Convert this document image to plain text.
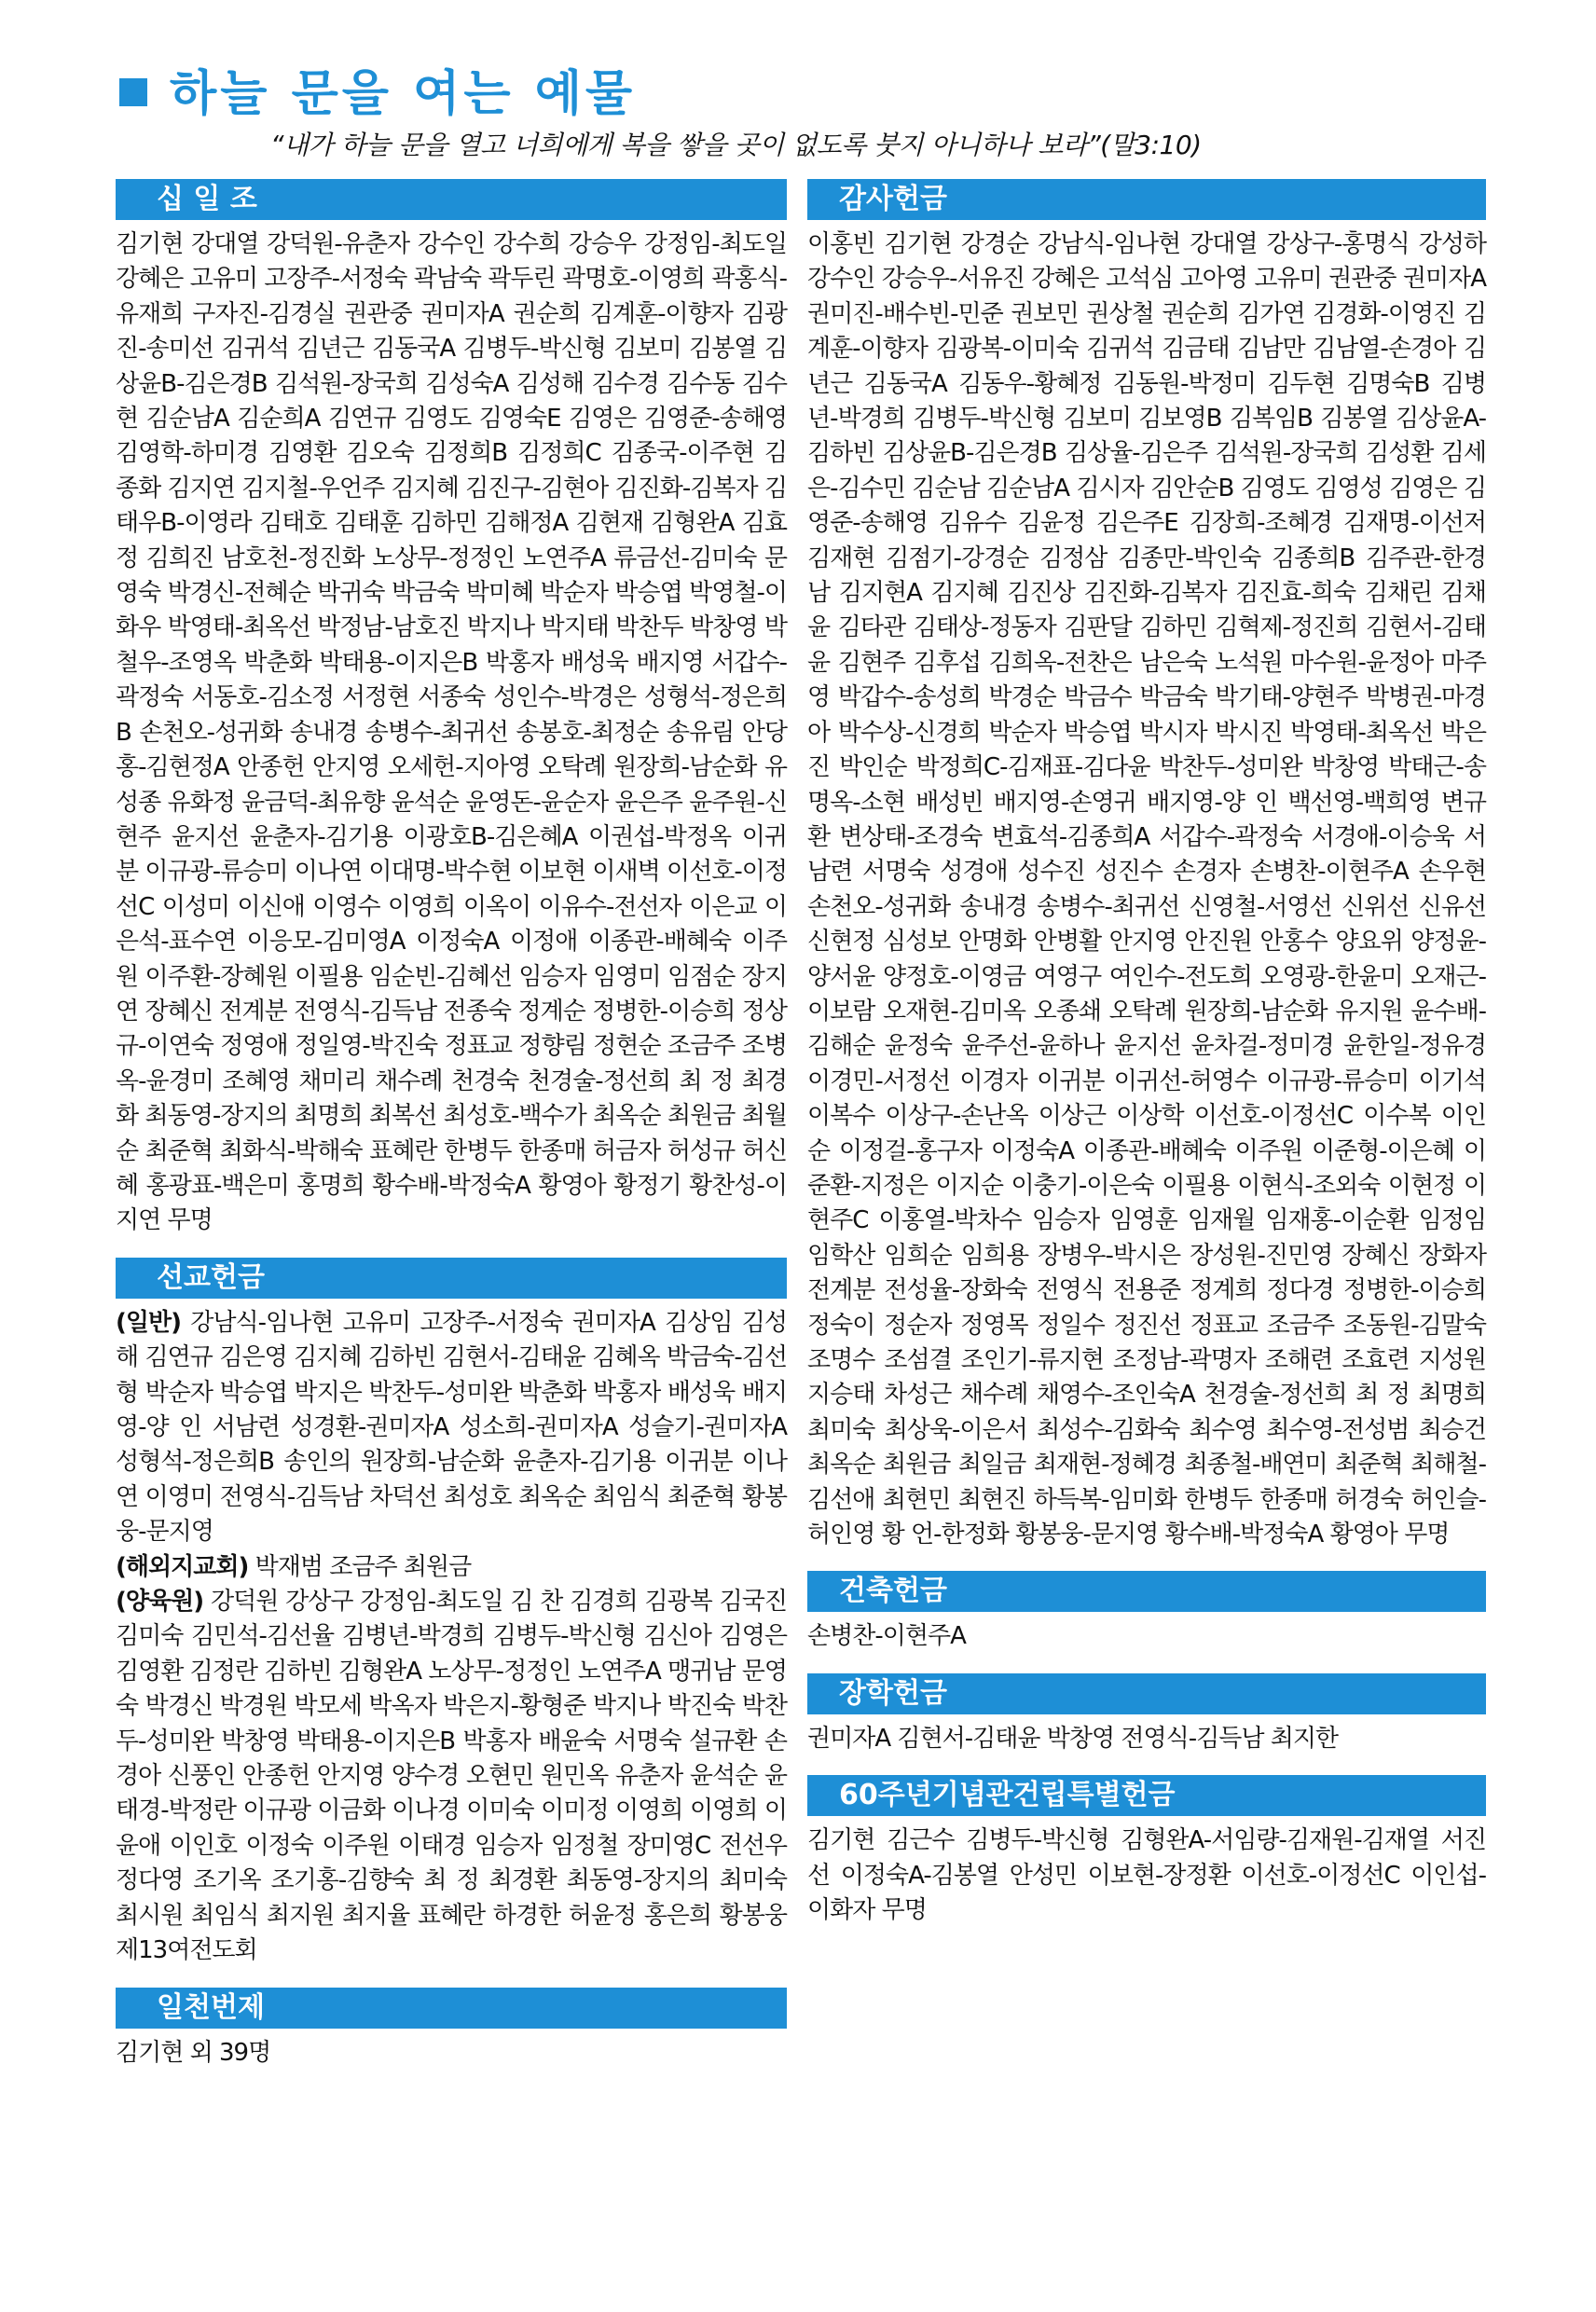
하늘 문을 여는 예물
“내가 하늘 문을 열고 너희에게 복을 쌓을 곳이 없도록 붓지 아니하나 보라”(말3:10)
십 일 조

김기현 강대열 강덕원-유춘자 강수인 강수희 강승우 강정임-최도일 강혜은 고유미 고장주-서정숙 곽남숙 곽두린 곽명호-이영희 곽홍식-유재희 구자진-김경실 권관중 권미자A 권순희 김계훈-이향자 김광진-송미선 김귀석 김년근 김동국A 김병두-박신형 김보미 김봉열 김상윤B-김은경B 김석원-장국희 김성숙A 김성해 김수경 김수동 김수현 김순남A 김순희A 김연규 김영도 김영숙E 김영은 김영준-송해영 김영학-하미경 김영환 김오숙 김정희B 김정희C 김종국-이주현 김종화 김지연 김지철-우언주 김지혜 김진구-김현아 김진화-김복자 김태우B-이영라 김태호 김태훈 김하민 김해정A 김현재 김형완A 김효정 김희진 남호천-정진화 노상무-정정인 노연주A 류금선-김미숙 문영숙 박경신-전혜순 박귀숙 박금숙 박미혜 박순자 박승엽 박영철-이화우 박영태-최옥선 박정남-남호진 박지나 박지태 박찬두 박창영 박철우-조영옥 박춘화 박태용-이지은B 박홍자 배성욱 배지영 서갑수-곽정숙 서동호-김소정 서정현 서종숙 성인수-박경은 성형석-정은희B 손천오-성귀화 송내경 송병수-최귀선 송봉호-최정순 송유림 안당홍-김현정A 안종헌 안지영 오세헌-지아영 오탁례 원장희-남순화 유성종 유화정 윤금덕-최유향 윤석순 윤영돈-윤순자 윤은주 윤주원-신현주 윤지선 윤춘자-김기용 이광호B-김은혜A 이권섭-박정옥 이귀분 이규광-류승미 이나연 이대명-박수현 이보현 이새벽 이선호-이정선C 이성미 이신애 이영수 이영희 이옥이 이유수-전선자 이은교 이은석-표수연 이응모-김미영A 이정숙A 이정애 이종관-배혜숙 이주원 이주환-장혜원 이필용 임순빈-김혜선 임승자 임영미 임점순 장지연 장혜신 전계분 전영식-김득남 전종숙 정계순 정병한-이승희 정상규-이연숙 정영애 정일영-박진숙 정표교 정향림 정현순 조금주 조병옥-윤경미 조혜영 채미리 채수례 천경숙 천경술-정선희 최 정 최경화 최동영-장지의 최명희 최복선 최성호-백수가 최옥순 최원금 최월순 최준혁 최화식-박해숙 표혜란 한병두 한종매 허금자 허성규 허신혜 홍광표-백은미 홍명희 황수배-박정숙A 황영아 황정기 황찬성-이지연 무명

선교헌금

(일반) 강남식-임나현 고유미 고장주-서정숙 권미자A 김상임 김성해 김연규 김은영 김지혜 김하빈 김현서-김태윤 김혜옥 박금숙-김선형 박순자 박승엽 박지은 박찬두-성미완 박춘화 박홍자 배성욱 배지영-양 인 서남련 성경환-권미자A 성소희-권미자A 성슬기-권미자A 성형석-정은희B 송인의 원장희-남순화 윤춘자-김기용 이귀분 이나연 이영미 전영식-김득남 차덕선 최성호 최옥순 최임식 최준혁 황봉웅-문지영

(해외지교회) 박재범 조금주 최원금

(양육원) 강덕원 강상구 강정임-최도일 김 찬 김경희 김광복 김국진 김미숙 김민석-김선율 김병년-박경희 김병두-박신형 김신아 김영은 김영환 김정란 김하빈 김형완A 노상무-정정인 노연주A 맹귀남 문영숙 박경신 박경원 박모세 박옥자 박은지-황형준 박지나 박진숙 박찬두-성미완 박창영 박태용-이지은B 박홍자 배윤숙 서명숙 설규환 손경아 신풍인 안종헌 안지영 양수경 오현민 원민옥 유춘자 윤석순 윤태경-박정란 이규광 이금화 이나경 이미숙 이미정 이영희 이영희 이윤애 이인호 이정숙 이주원 이태경 임승자 임정철 장미영C 전선우 정다영 조기옥 조기홍-김향숙 최 정 최경환 최동영-장지의 최미숙 최시원 최임식 최지원 최지율 표혜란 하경한 허윤정 홍은희 황봉웅 제13여전도회

일천번제

김기현 외 39명

감사헌금

이홍빈 김기현 강경순 강남식-임나현 강대열 강상구-홍명식 강성하 강수인 강승우-서유진 강혜은 고석심 고아영 고유미 권관중 권미자A 권미진-배수빈-민준 권보민 권상철 권순희 김가연 김경화-이영진 김계훈-이향자 김광복-이미숙 김귀석 김금태 김남만 김남열-손경아 김년근 김동국A 김동우-황혜정 김동원-박정미 김두현 김명숙B 김병년-박경희 김병두-박신형 김보미 김보영B 김복임B 김봉열 김상윤A-김하빈 김상윤B-김은경B 김상율-김은주 김석원-장국희 김성환 김세은-김수민 김순남 김순남A 김시자 김안순B 김영도 김영성 김영은 김영준-송해영 김유수 김윤정 김은주E 김장희-조혜경 김재명-이선저 김재현 김점기-강경순 김정삼 김종만-박인숙 김종희B 김주관-한경남 김지현A 김지혜 김진상 김진화-김복자 김진효-희숙 김채린 김채윤 김타관 김태상-정동자 김판달 김하민 김혁제-정진희 김현서-김태윤 김현주 김후섭 김희옥-전찬은 남은숙 노석원 마수원-윤정아 마주영 박갑수-송성희 박경순 박금수 박금숙 박기태-양현주 박병권-마경아 박수상-신경희 박순자 박승엽 박시자 박시진 박영태-최옥선 박은진 박인순 박정희C-김재표-김다윤 박찬두-성미완 박창영 박태근-송명옥-소현 배성빈 배지영-손영귀 배지영-양 인 백선영-백희영 변규환 변상태-조경숙 변효석-김종희A 서갑수-곽정숙 서경애-이승욱 서남련 서명숙 성경애 성수진 성진수 손경자 손병찬-이현주A 손우현 손천오-성귀화 송내경 송병수-최귀선 신영철-서영선 신위선 신유선 신현정 심성보 안명화 안병활 안지영 안진원 안홍수 양요위 양정윤-양서윤 양정호-이영금 여영구 여인수-전도희 오영광-한윤미 오재근-이보람 오재현-김미옥 오종쇄 오탁례 원장희-남순화 유지원 윤수배-김해순 윤정숙 윤주선-윤하나 윤지선 윤차걸-정미경 윤한일-정유경 이경민-서정선 이경자 이귀분 이귀선-허영수 이규광-류승미 이기석 이복수 이상구-손난옥 이상근 이상학 이선호-이정선C 이수복 이인순 이정걸-홍구자 이정숙A 이종관-배혜숙 이주원 이준형-이은혜 이준환-지정은 이지순 이충기-이은숙 이필용 이현식-조외숙 이현정 이현주C 이홍열-박차수 임승자 임영훈 임재월 임재홍-이순환 임정임 임학산 임희순 임희용 장병우-박시은 장성원-진민영 장혜신 장화자 전계분 전성율-장화숙 전영식 전용준 정계희 정다경 정병한-이승희 정숙이 정순자 정영목 정일수 정진선 정표교 조금주 조동원-김말숙 조명수 조섬결 조인기-류지현 조정남-곽명자 조해련 조효련 지성원 지승태 차성근 채수례 채영수-조인숙A 천경술-정선희 최 정 최명희 최미숙 최상욱-이은서 최성수-김화숙 최수영 최수영-전성범 최승건 최옥순 최원금 최일금 최재현-정혜경 최종철-배연미 최준혁 최해철-김선애 최현민 최현진 하득복-임미화 한병두 한종매 허경숙 허인슬-허인영 황 언-한정화 황봉웅-문지영 황수배-박정숙A 황영아 무명

건축헌금

손병찬-이현주A

장학헌금

권미자A 김현서-김태윤 박창영 전영식-김득남 최지한

60주년기념관건립특별헌금

김기현 김근수 김병두-박신형 김형완A-서임량-김재원-김재열 서진선 이정숙A-김봉열 안성민 이보현-장정환 이선호-이정선C 이인섭-이화자 무명
